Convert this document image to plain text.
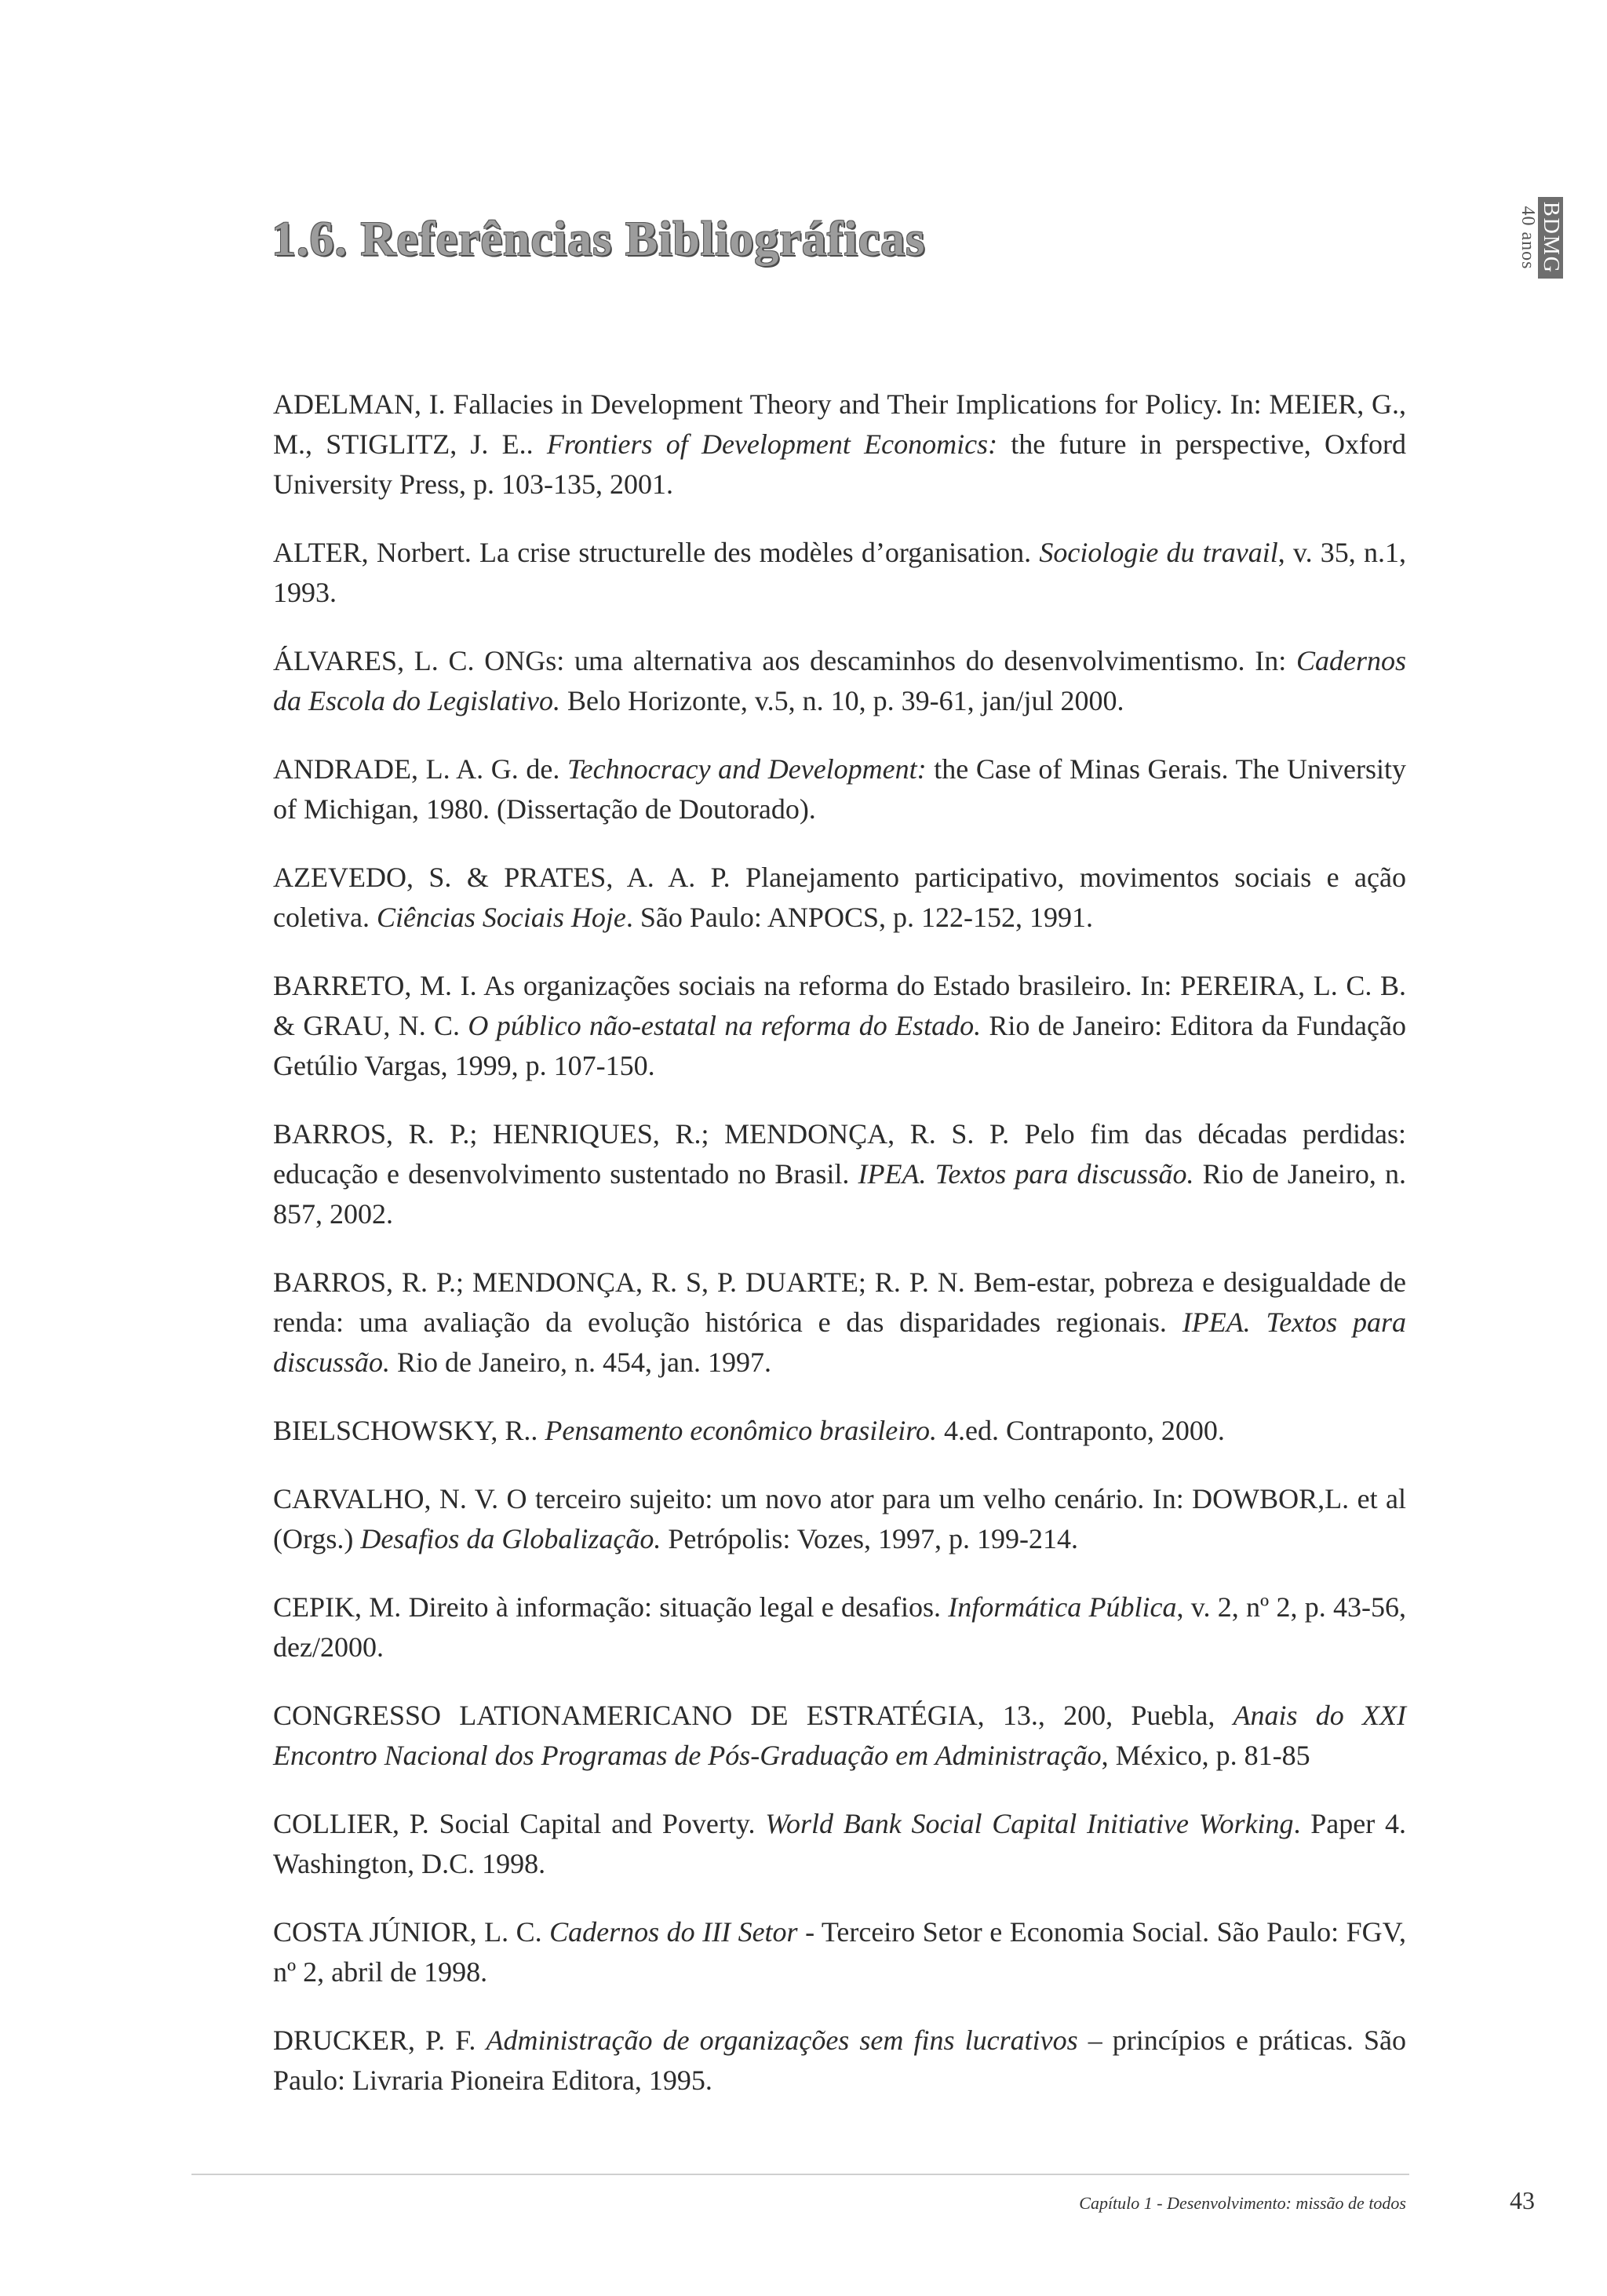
1.6. Referências Bibliográficas	BDMG
40 anos

ADELMAN, I. Fallacies in Development Theory and Their Implications for Policy. In: MEIER, G., M., STIGLITZ, J. E.. Frontiers of Development Economics: the future in perspective, Oxford University Press, p. 103-135, 2001.

ALTER, Norbert. La crise structurelle des modèles d’organisation. Sociologie du travail, v. 35, n.1, 1993.

ÁLVARES, L. C. ONGs: uma alternativa aos descaminhos do desenvolvimentismo. In: Cadernos da Escola do Legislativo. Belo Horizonte, v.5, n. 10, p. 39-61, jan/jul 2000.

ANDRADE, L. A. G. de. Technocracy and Development: the Case of Minas Gerais. The University of Michigan, 1980. (Dissertação de Doutorado).

AZEVEDO, S. & PRATES, A. A. P. Planejamento participativo, movimentos sociais e ação coletiva. Ciências Sociais Hoje. São Paulo: ANPOCS, p. 122-152, 1991.

BARRETO, M. I. As organizações sociais na reforma do Estado brasileiro. In: PEREIRA, L. C. B. & GRAU, N. C. O público não-estatal na reforma do Estado. Rio de Janeiro: Editora da Fundação Getúlio Vargas, 1999, p. 107-150.

BARROS, R. P.; HENRIQUES, R.; MENDONÇA, R. S. P. Pelo fim das décadas perdidas: educação e desenvolvimento sustentado no Brasil. IPEA. Textos para discussão. Rio de Janeiro, n. 857, 2002.

BARROS, R. P.; MENDONÇA, R. S, P. DUARTE; R. P. N. Bem-estar, pobreza e desigualdade de renda: uma avaliação da evolução histórica e das disparidades regionais. IPEA. Textos para discussão. Rio de Janeiro, n. 454, jan. 1997.

BIELSCHOWSKY, R.. Pensamento econômico brasileiro. 4.ed. Contraponto, 2000.

CARVALHO, N. V. O terceiro sujeito: um novo ator para um velho cenário. In: DOWBOR,L. et al (Orgs.) Desafios da Globalização. Petrópolis: Vozes, 1997, p. 199-214.

CEPIK, M. Direito à informação: situação legal e desafios. Informática Pública, v. 2, nº 2, p. 43-56, dez/2000.

CONGRESSO LATIONAMERICANO DE ESTRATÉGIA, 13., 200, Puebla, Anais do XXI Encontro Nacional dos Programas de Pós-Graduação em Administração, México, p. 81-85

COLLIER, P. Social Capital and Poverty. World Bank Social Capital Initiative Working. Paper 4. Washington, D.C. 1998.

COSTA JÚNIOR, L. C. Cadernos do III Setor - Terceiro Setor e Economia Social. São Paulo: FGV, nº 2, abril de 1998.

DRUCKER, P. F. Administração de organizações sem fins lucrativos – princípios e práticas. São Paulo: Livraria Pioneira Editora, 1995.

Capítulo 1 - Desenvolvimento: missão de todos	43
